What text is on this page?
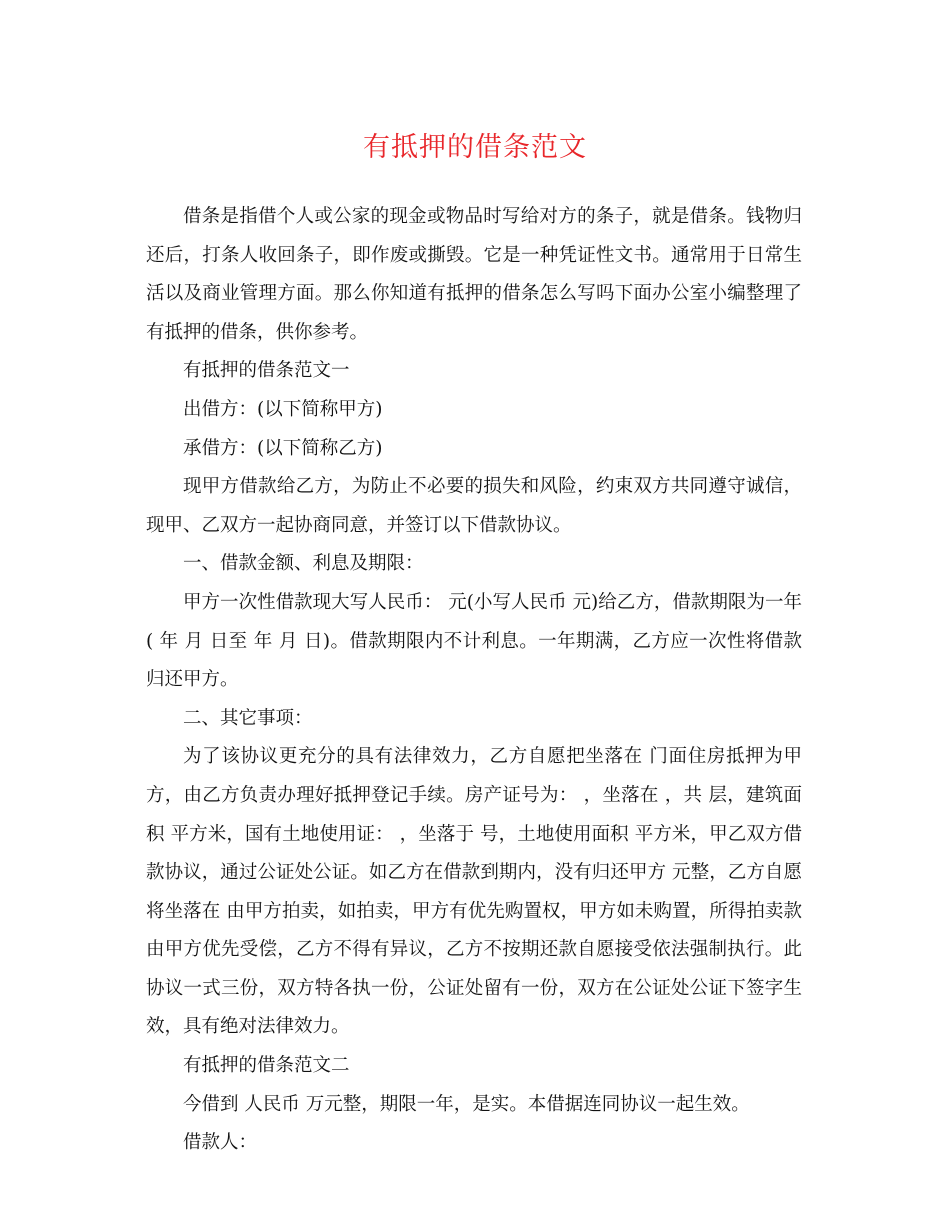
有抵押的借条范文

借条是指借个人或公家的现金或物品时写给对方的条子，就是借条。钱物归还后，打条人收回条子，即作废或撕毁。它是一种凭证性文书。通常用于日常生活以及商业管理方面。那么你知道有抵押的借条怎么写吗下面办公室小编整理了有抵押的借条，供你参考。

有抵押的借条范文一

出借方：(以下简称甲方)

承借方：(以下简称乙方)

现甲方借款给乙方，为防止不必要的损失和风险，约束双方共同遵守诚信，现甲、乙双方一起协商同意，并签订以下借款协议。

一、借款金额、利息及期限：

甲方一次性借款现大写人民币： 元(小写人民币 元)给乙方，借款期限为一年( 年 月 日至 年 月 日)。借款期限内不计利息。一年期满，乙方应一次性将借款归还甲方。

二、其它事项：

为了该协议更充分的具有法律效力，乙方自愿把坐落在 门面住房抵押为甲方，由乙方负责办理好抵押登记手续。房产证号为： ，坐落在 ，共 层，建筑面积 平方米，国有土地使用证： ，坐落于 号，土地使用面积 平方米，甲乙双方借款协议，通过公证处公证。如乙方在借款到期内，没有归还甲方 元整，乙方自愿将坐落在 由甲方拍卖，如拍卖，甲方有优先购置权，甲方如未购置，所得拍卖款由甲方优先受偿，乙方不得有异议，乙方不按期还款自愿接受依法强制执行。此协议一式三份，双方特各执一份，公证处留有一份，双方在公证处公证下签字生效，具有绝对法律效力。

有抵押的借条范文二

今借到 人民币 万元整，期限一年，是实。本借据连同协议一起生效。

借款人：
